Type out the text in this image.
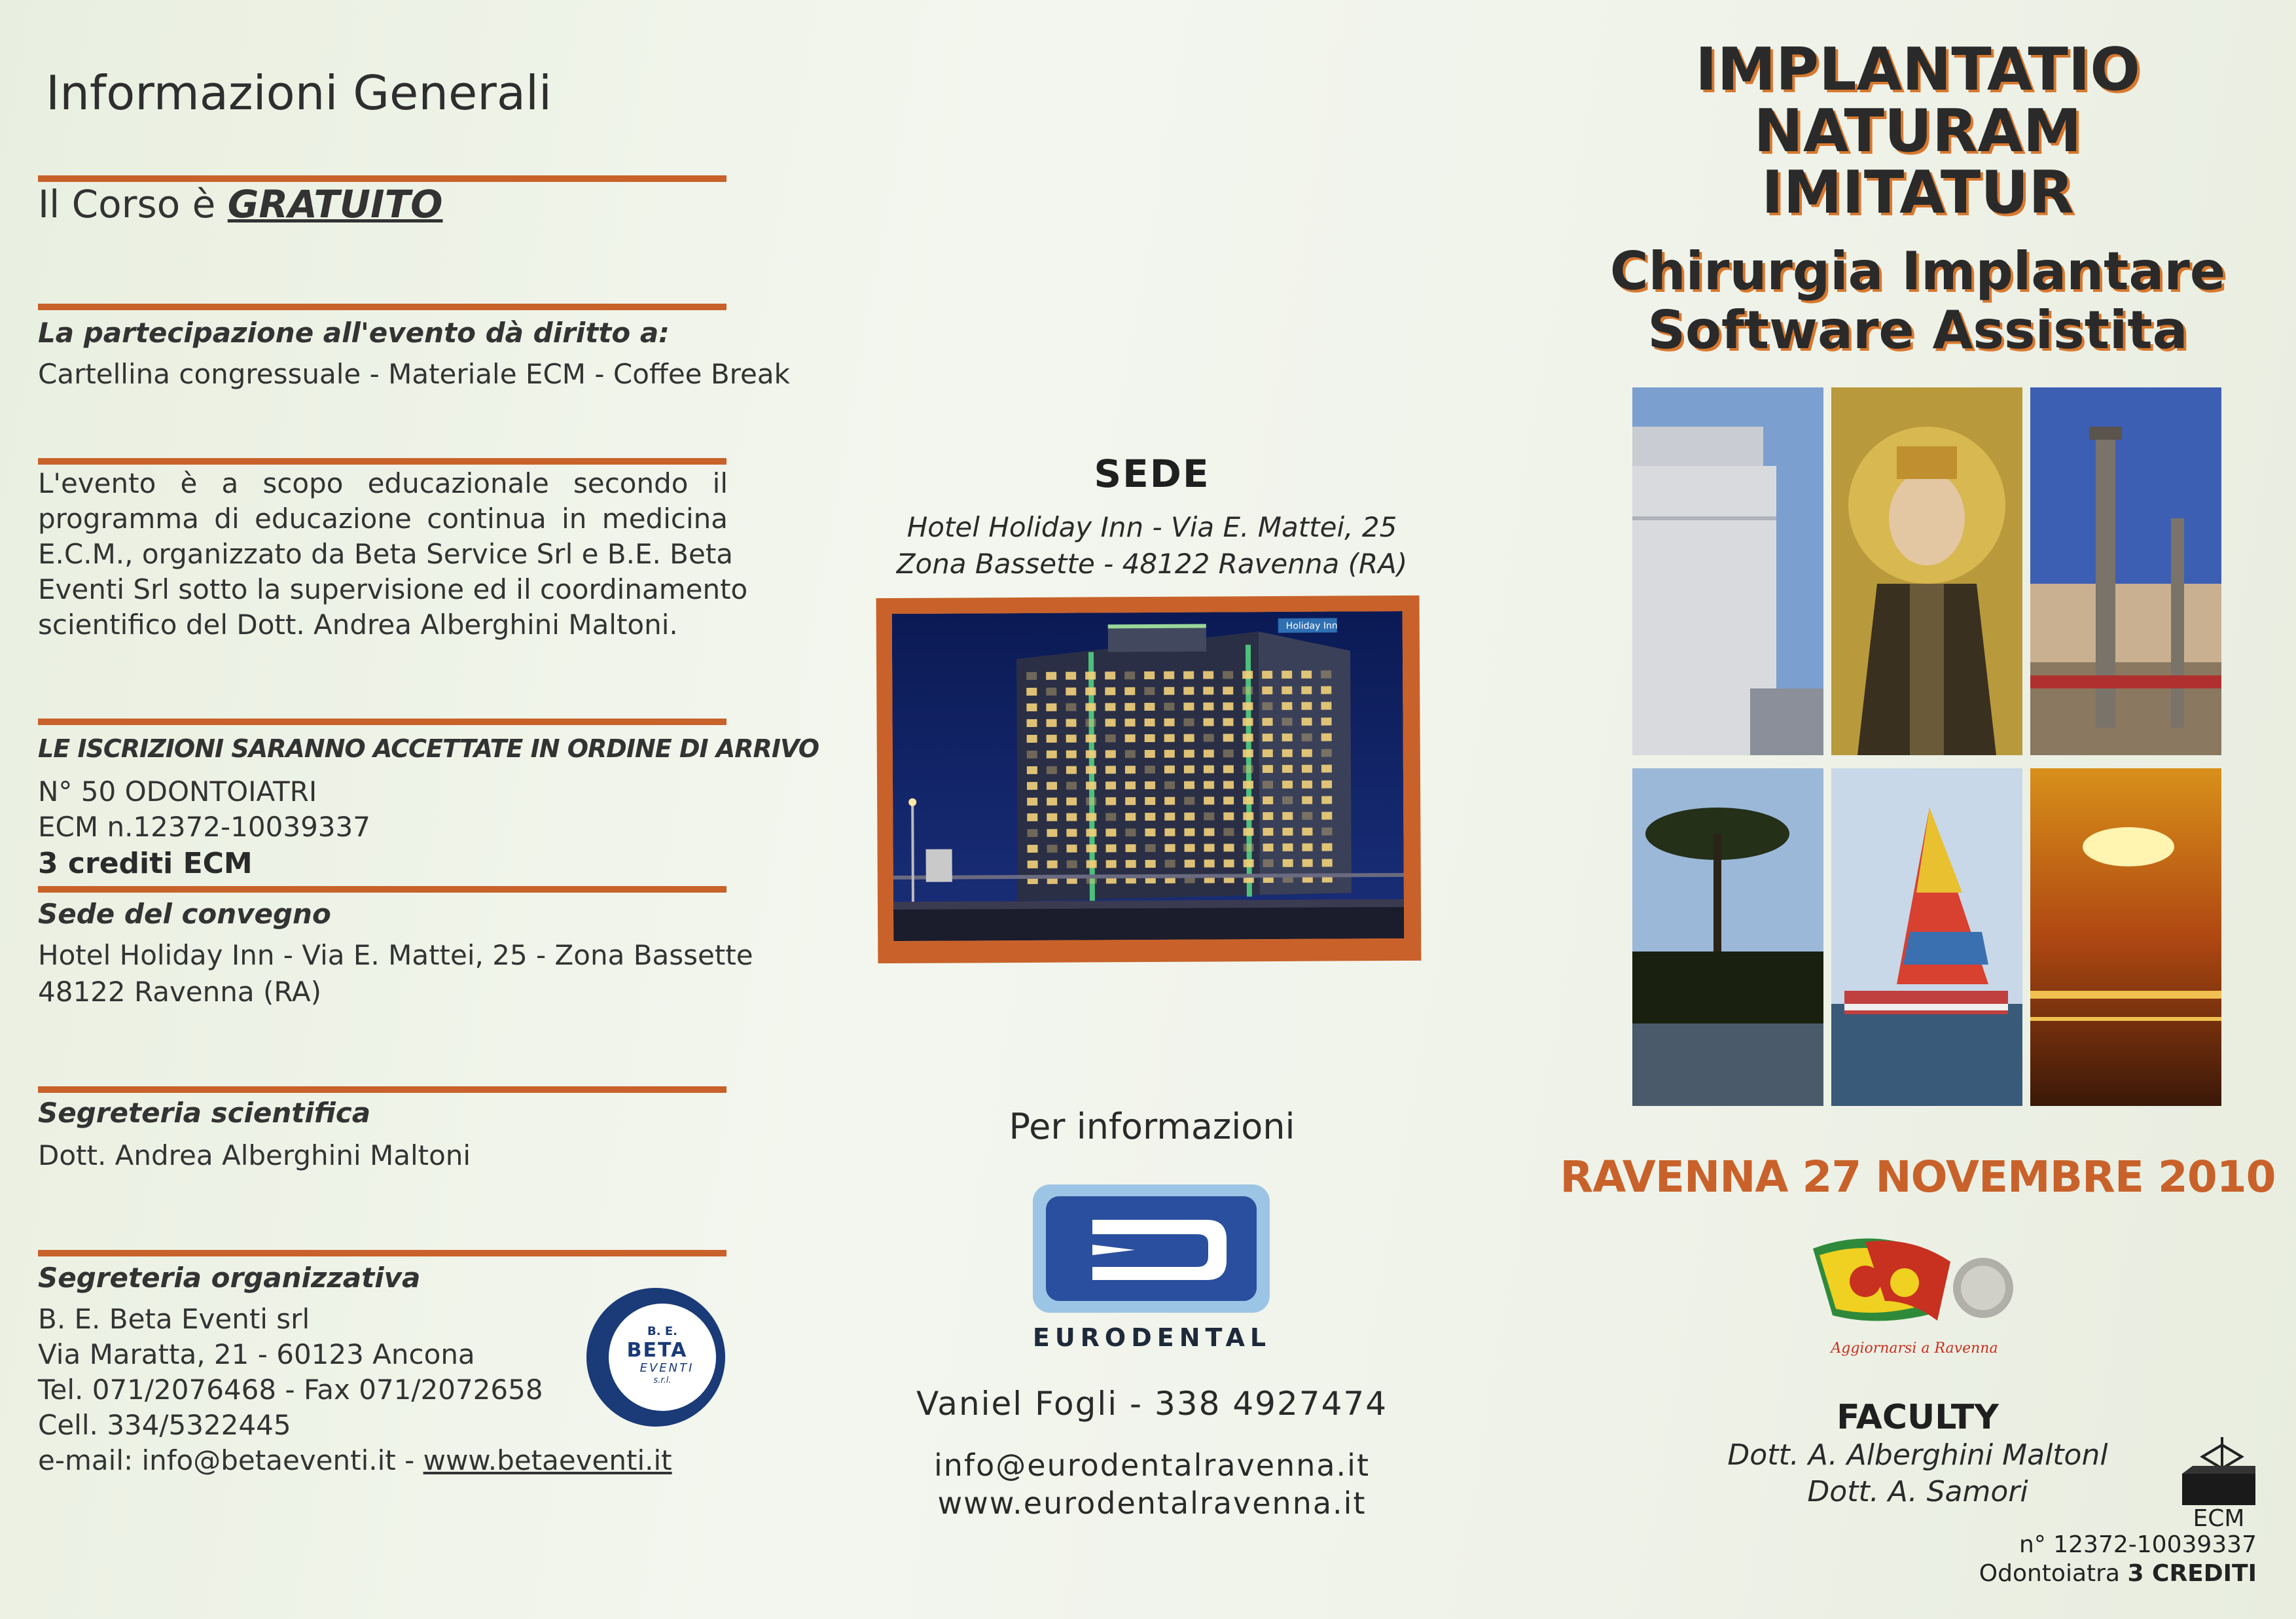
Informazioni Generali
Il Corso è GRATUITO
La partecipazione all'evento dà diritto a:
Cartellina congressuale - Materiale ECM - Coffee Break
L'evento è a scopo educazionale secondo il
programma di educazione continua in medicina
E.C.M., organizzato da Beta Service Srl e B.E. Beta
Eventi Srl sotto la supervisione ed il coordinamento
scientifico del Dott. Andrea Alberghini Maltoni.
LE ISCRIZIONI SARANNO ACCETTATE IN ORDINE DI ARRIVO
N° 50 ODONTOIATRI
ECM n.12372-10039337
3 crediti ECM
Sede del convegno
Hotel Holiday Inn - Via E. Mattei, 25 - Zona Bassette
48122 Ravenna (RA)
Segreteria scientifica
Dott. Andrea Alberghini Maltoni
Segreteria organizzativa
B. E. Beta Eventi srl
Via Maratta, 21 - 60123 Ancona
Tel. 071/2076468 - Fax 071/2072658
Cell. 334/5322445
e-mail: info@betaeventi.it - www.betaeventi.it
B. E.
BETA
EVENTI
s.r.l.
SEDE
Hotel Holiday Inn - Via E. Mattei, 25
Zona Bassette - 48122 Ravenna (RA)
Holiday Inn
Per informazioni
EURODENTAL
Vaniel Fogli - 338 4927474
info@eurodentalravenna.it
www.eurodentalravenna.it
IMPLANTATIO
NATURAM
IMITATUR
Chirurgia Implantare
Software Assistita
RAVENNA 27 NOVEMBRE 2010
Aggiornarsi a Ravenna
FACULTY
Dott. A. Alberghini Maltonl
Dott. A. Samori
ECM
n° 12372-10039337
Odontoiatra 3 CREDITI
